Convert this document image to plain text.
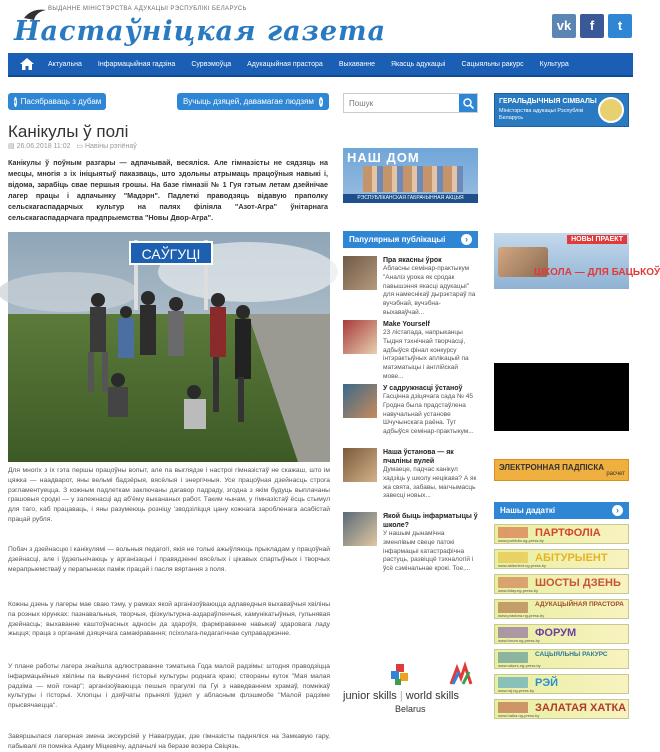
ВЫДАННЕ МІНІСТЭРСТВА АДУКАЦЫІ РЭСПУБЛІКІ БЕЛАРУСЬ
Настаўніцкая газета	vk	f	t
Актуальна Інфармацыйная гадзіна Сурвэмоўца Адукацыйная прастора Выхаванне Якасць адукацыі Сацыяльны ракурс Культура
‹ Пасябраваць з дубам	Вучыць дзяцей, давамагае людзям ›
Канікулы ў полі
▤ 26.06.2018 11:02 ▭ Навіны рэгіёнаў
Канікулы ў поўным разгары — адпачывай, весяліся. Але гімназісты не сядзяць на месцы, многія з іх ініцыятыў паказваць, што здольны атрымаць працоўныя навыкі і, відома, зарабіць свае першыя грошы. На базе гімназіі № 1 Гуя гэтым летам дзейнічае лагер працы і адпачынку "Мадэрн". Падлеткі праводзяць відавую праполку сельскагаспадарчых культур на палях філіяла "Азот-Агра" ўнітарнага сельскагаспадарчага прадпрыемства "Новы Двор-Агра".
САЎГУЦІ
Для многіх з іх гэта першы працоўны вопыт, але па выглядзе і настроі гімназістаў не скажаш, што ім цяжка — наадварот, яны вельмі бадзёрыя, вясёлыя і энергічныя. Усе працоўная дзейнасць строга рэгламентуецца. З кожным падлеткам заключаны дагавор падраду, згодна з якім будуць выплачаны грашовыя сродкі — у залежнасці ад аб'ёму выкананых работ. Таким чынам, у гімназістаў ёсць стымул для таго, каб працаваць, і яны разумеюць розніцу 'зводзіліцця цану кожнага заробленага асабістай працай рубля.
Побач з дзейнасцю і канікулямі — вольныя педагогі, якія не толькі ажыўляюць прыкладам у працоўнай дзейнасці, але і ўдзельнічаюць у арганізацыі і правядзенні вясёлых і цікавых спартыўных і творчых мерапрыемстваў у перапынках паміж працай і пасля вяртання з поля.
Кожны дзень у лагеры мае сваю тэму, у рамках якой арганізоўваюцца адпаведныя выхаваўчыя хвіліны па розных кірунках: пазнавальныя, творчыя, фізкультурна-аздараўленчыя, камунікатыўныя, гульнявая дзейнасць; выхаванне каштоўнасных адносін да здароўя, фарміраванне навыкаў здаровага ладу жыцця; праца з органамі дзяцячага самакіравання; псіхолага-педагагічнае суправаджэнне.
У плане работы лагера знайшла адлюстраванне тэматыка Года малой радзімы: штодня праводзіцца інфармацыйныя хвіліны па вывучэнні гісторыі культуры роднага краю; створаны куток "Мая малая радзіма — мой гонар"; арганізоўваюцца пешыя прагулкі па Гуі з наведваннем храмаў, помнікаў культуры і гісторыі. Хлопцы і дзяўчаты прынялі ўдзел у абласным флэшмобе "Малой радзіме прысвячаецца".
Завяршылася лагерная змена экскурсіяй у Навагрудак, дзе гімназісты падняліся на Замкавую гару, пабывалі ля помніка Адаму Міцкевічу, адпачылі на беразе возера Свіцязь.
Пошук
НАШ ДОМ
РЭСПУБЛІКАНСКАЯ ГАБРАЧЫННАЯ АКЦЫЯ
Папулярныя публікацыі	›
Пра якасны ўрок
Абласны семінар-практыкум "Аналіз урока як сродак павышэння якасці адукацыі" для намеснікаў дырэктараў па вучэбнай, вучэбна-выхаваўчай...
Make Yourself
23 лістапада, напрыканцы Тыдня тэхнічнай творчасці, адбыўся фінал конкурсу інтэрактыўных аплікацый па матэматыцы і англійскай мове...
У садружнасці ўстаноў
Гасцінна дзіцячага сада № 45 Гродна была прадстаўлена навучальнай установе Шчучынскага раёна. Тут адбыўся семінар-практыкум...
Наша ўстанова — як пчаліны вулей
Думаеце, падчас канікул хадзіць у школу нецікава? А як жа свята, забавы, магчымасць завесці новых...
Якой быць інфарматыцы ў школе?
У нашым дынамічна зменлівым свеце патокі інфармацыі катастрафічна растуць, развіццё тэхналогій і ўсё сэмінальнае крокі. Тое,...
junior skills | world skills
Belarus
ГЕРАЛЬДЫЧНЫЯ СІМВАЛЫ
Міністэрства адукацыі Рэспублікі Беларусь
НОВЫ ПРАЕКТ
ШКОЛА — ДЛЯ БАЦЬКОЎ
ЭЛЕКТРОННАЯ ПАДПІСКА
расчет
Нашы дадаткі	›
ПАРТФОЛІА
www.portfolio.ng-press.by
АБІТУРЫЕНТ
www.abiturient.ng-press.by
ШОСТЫ ДЗЕНЬ
www.6day.ng-press.by
АДУКАЦЫЙНАЯ ПРАСТОРА
www.prastora.ng-press.by
ФОРУМ
www.forum.ng-press.by
САЦЫЯЛЬНЫ РАКУРС
www.rakurs.ng-press.by
РЭЙ
www.raj.ng-press.by
ЗАЛАТАЯ ХАТКА
www.hatka.ng-press.by
